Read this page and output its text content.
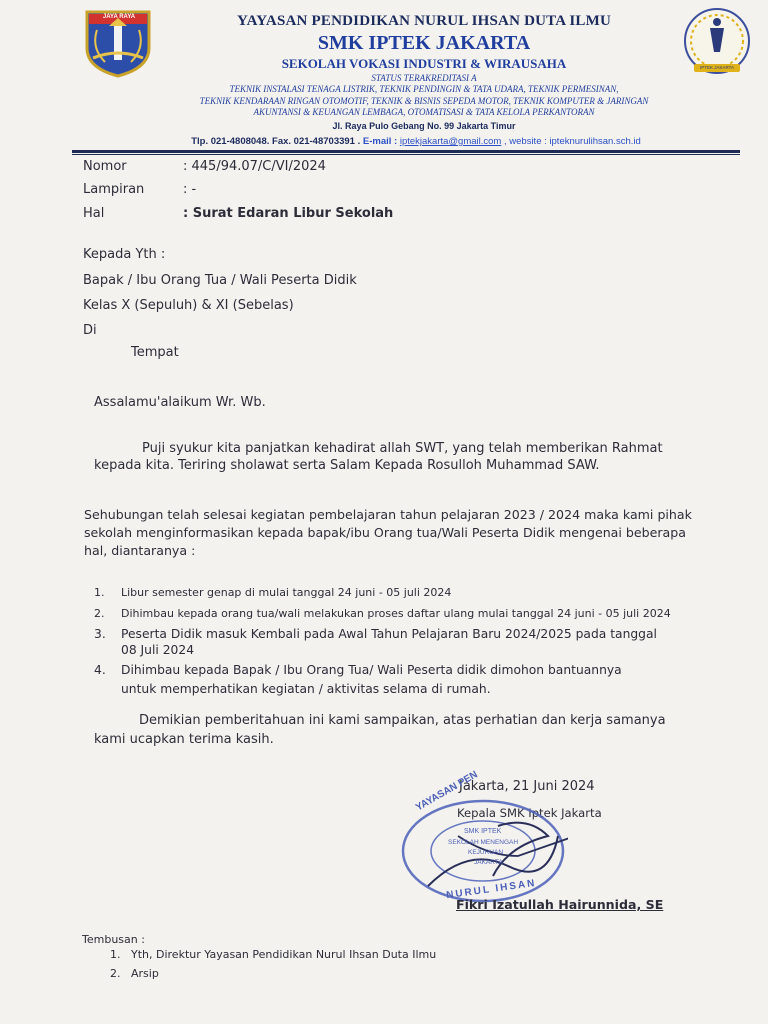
JAYA RAYA
IPTEK JAKARTA
YAYASAN PENDIDIKAN NURUL IHSAN DUTA ILMU
SMK IPTEK JAKARTA
SEKOLAH VOKASI INDUSTRI & WIRAUSAHA
STATUS TERAKREDITASI A
TEKNIK INSTALASI TENAGA LISTRIK, TEKNIK PENDINGIN & TATA UDARA, TEKNIK PERMESINAN,
TEKNIK KENDARAAN RINGAN OTOMOTIF, TEKNIK & BISNIS SEPEDA MOTOR, TEKNIK KOMPUTER & JARINGAN
AKUNTANSI & KEUANGAN LEMBAGA, OTOMATISASI & TATA KELOLA PERKANTORAN
Jl. Raya Pulo Gebang No. 99 Jakarta Timur
Tlp. 021-4808048. Fax. 021-48703391 . E-mail : iptekjakarta@gmail.com , website : ipteknurulihsan.sch.id
Nomor	: 445/94.07/C/VI/2024
Lampiran	: -
Hal	: Surat Edaran Libur Sekolah
Kepada Yth :
Bapak / Ibu Orang Tua / Wali Peserta Didik
Kelas X (Sepuluh) & XI (Sebelas)
Di
Tempat
Assalamu'alaikum Wr. Wb.
Puji syukur kita panjatkan kehadirat allah SWT, yang telah memberikan Rahmat
kepada kita. Teriring sholawat serta Salam Kepada Rosulloh Muhammad SAW.
Sehubungan telah selesai kegiatan pembelajaran tahun pelajaran 2023 / 2024 maka kami pihak
sekolah menginformasikan kepada bapak/ibu Orang tua/Wali Peserta Didik mengenai beberapa
hal, diantaranya :
1. Libur semester genap di mulai tanggal 24 juni - 05 juli 2024
2. Dihimbau kepada orang tua/wali melakukan proses daftar ulang mulai tanggal 24 juni - 05 juli 2024
3. Peserta Didik masuk Kembali pada Awal Tahun Pelajaran Baru 2024/2025 pada tanggal
08 Juli 2024
4. Dihimbau kepada Bapak / Ibu Orang Tua/ Wali Peserta didik dimohon bantuannya
untuk memperhatikan kegiatan / aktivitas selama di rumah.
Demikian pemberitahuan ini kami sampaikan, atas perhatian dan kerja samanya
kami ucapkan terima kasih.
Jakarta, 21 Juni 2024
Kepala SMK Iptek Jakarta
YAYASAN PEN
SMK IPTEK
SEKOLAH MENENGAH
KEJURUAN
JAKARTA
NURUL IHSAN
Fikri Izatullah Hairunnida, SE
Tembusan :
1. Yth, Direktur Yayasan Pendidikan Nurul Ihsan Duta Ilmu
2. Arsip
